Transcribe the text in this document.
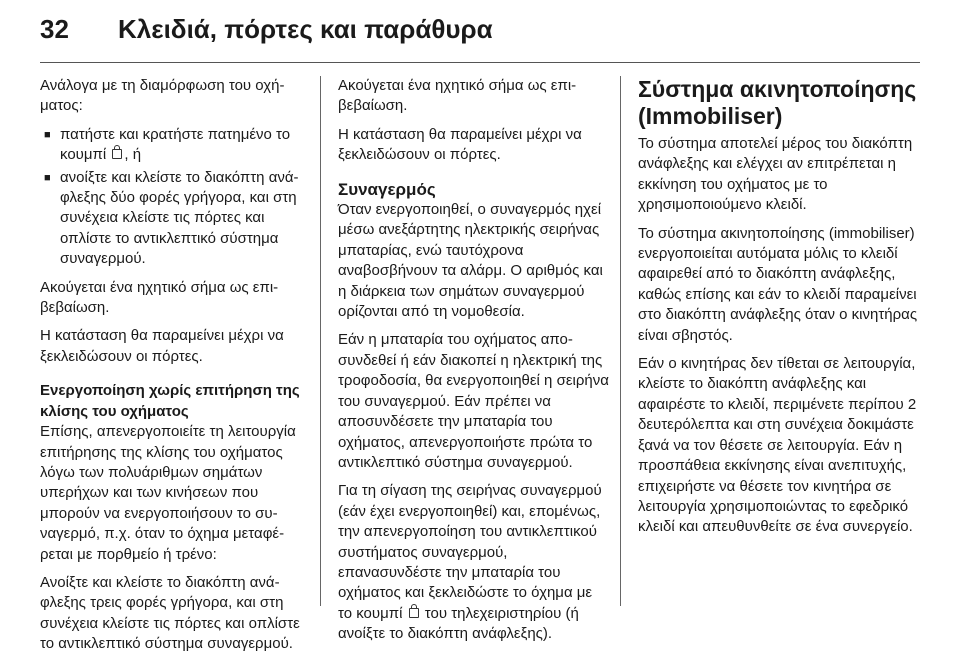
32 Κλειδιά, πόρτες και παράθυρα

Ανάλογα με τη διαμόρφωση του οχήματος:

■ πατήστε και κρατήστε πατημένο το κουμπί , ή
■ ανοίξτε και κλείστε το διακόπτη ανάφλεξης δύο φορές γρήγορα, και στη συνέχεια κλείστε τις πόρτες και οπλίστε το αντικλεπτικό σύστημα συναγερμού.

Ακούγεται ένα ηχητικό σήμα ως επιβεβαίωση.

Η κατάσταση θα παραμείνει μέχρι να ξεκλειδώσουν οι πόρτες.

Ενεργοποίηση χωρίς επιτήρηση της κλίσης του οχήματος

Επίσης, απενεργοποιείτε τη λειτουργία επιτήρησης της κλίσης του οχήματος λόγω των πολυάριθμων σημάτων υπερήχων και των κινήσεων που μπορούν να ενεργοποιήσουν το συναγερμό, π.χ. όταν το όχημα μεταφέρεται με πορθμείο ή τρένο:

Ανοίξτε και κλείστε το διακόπτη ανάφλεξης τρεις φορές γρήγορα, και στη συνέχεια κλείστε τις πόρτες και οπλίστε το αντικλεπτικό σύστημα συναγερμού.

Ακούγεται ένα ηχητικό σήμα ως επιβεβαίωση.

Η κατάσταση θα παραμείνει μέχρι να ξεκλειδώσουν οι πόρτες.

Συναγερμός

Όταν ενεργοποιηθεί, ο συναγερμός ηχεί μέσω ανεξάρτητης ηλεκτρικής σειρήνας μπαταρίας, ενώ ταυτόχρονα αναβοσβήνουν τα αλάρμ. Ο αριθμός και η διάρκεια των σημάτων συναγερμού ορίζονται από τη νομοθεσία.

Εάν η μπαταρία του οχήματος αποσυνδεθεί ή εάν διακοπεί η ηλεκτρική της τροφοδοσία, θα ενεργοποιηθεί η σειρήνα του συναγερμού. Εάν πρέπει να αποσυνδέσετε την μπαταρία του οχήματος, απενεργοποιήστε πρώτα το αντικλεπτικό σύστημα συναγερμού.

Για τη σίγαση της σειρήνας συναγερμού (εάν έχει ενεργοποιηθεί) και, επομένως, την απενεργοποίηση του αντικλεπτικού συστήματος συναγερμού, επανασυνδέστε την μπαταρία του οχήματος και ξεκλειδώστε το όχημα με το κουμπί του τηλεχειριστηρίου (ή ανοίξτε το διακόπτη ανάφλεξης).

Σύστημα ακινητοποίησης (Immobiliser)

Το σύστημα αποτελεί μέρος του διακόπτη ανάφλεξης και ελέγχει αν επιτρέπεται η εκκίνηση του οχήματος με το χρησιμοποιούμενο κλειδί.

Το σύστημα ακινητοποίησης (immobiliser) ενεργοποιείται αυτόματα μόλις το κλειδί αφαιρεθεί από το διακόπτη ανάφλεξης, καθώς επίσης και εάν το κλειδί παραμείνει στο διακόπτη ανάφλεξης όταν ο κινητήρας είναι σβηστός.

Εάν ο κινητήρας δεν τίθεται σε λειτουργία, κλείστε το διακόπτη ανάφλεξης και αφαιρέστε το κλειδί, περιμένετε περίπου 2 δευτερόλεπτα και στη συνέχεια δοκιμάστε ξανά να τον θέσετε σε λειτουργία. Εάν η προσπάθεια εκκίνησης είναι ανεπιτυχής, επιχειρήστε να θέσετε τον κινητήρα σε λειτουργία χρησιμοποιώντας το εφεδρικό κλειδί και απευθυνθείτε σε ένα συνεργείο.
